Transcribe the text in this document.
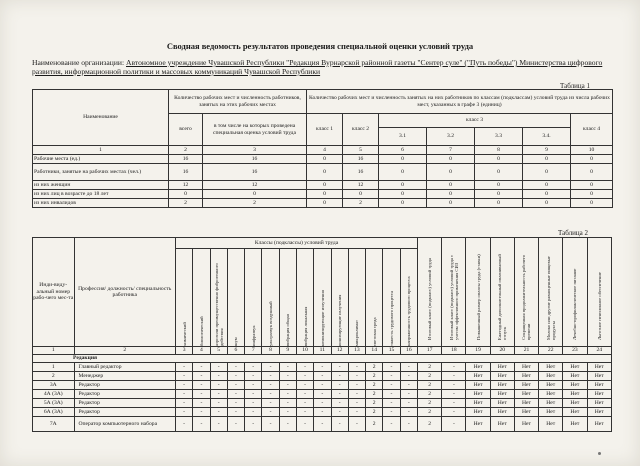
Сводная ведомость результатов проведения специальной оценки условий труда
Наименование организации: Автономное учреждение Чувашской Республики "Редакция Вурнарской районной газеты "Сентер суле" ("Путь победы") Министерства цифрового развития, информационной политики и массовых коммуникаций Чувашской Республики
Таблица 1
Наименование	Количество рабочих мест и численность работников, занятых на этих рабочих местах		Количество рабочих мест и численность занятых на них работников по классам (подклассам) условий труда из числа рабочих мест, указанных в графе 3 (единиц)						
	всего	в том числе на которых проведена специальная оценка условий труда	класс 1	класс 2	класс 3				класс 4
					3.1	3.2	3.3	3.4.	
1	2	3	4	5	6	7	8	9	10
Рабочие места (ед.)	16	16	0	16	0	0	0	0	0
Работники, занятые на рабочих местах (чел.)	16	16	0	16	0	0	0	0	0
из них женщин	12	12	0	12	0	0	0	0	0
из них лиц в возрасте до 18 лет	0	0	0	0	0	0	0	0	0
из них инвалидов	2	2	0	2	0	0	0	0	0
Таблица 2
Инди-виду-альный номер рабо-чего мес-та	Профессия/ должность/ специальность работника	Классы (подклассы) условий труда														Итоговый класс (подкласс) условий труда	Итоговый класс (подкласс) условий труда с учетом эффективного применения СИЗ	Повышенный размер оплаты труда (ставки)	Ежегодный дополнительный оплачиваемый отпуск	Сокращенная продолжительность рабочего времени	Молоко или другие равноценные пищевые продукты	Лечебно-профилактическое питание	Льготное пенсионное обеспечение

		химический	биологический	аэрозоли преимущественно фиброгенного действия	шум	инфразвук	ультразвук воздушный	вибрация общая	вибрация локальная	неионизирующие излучения	ионизирующие излучения	микроклимат	световая среда	тяжесть трудового процесса	напряженность трудового процесса								

1	2	3	4	5	6	7	8	9	10	11	12	13	14	15	16	17	18	19	20	21	22	23	24
Редакция																							
1	Главный редактор	-	-	-	-	-	-	-	-	-	-	-	2	-	-	2	-	Нет	Нет	Нет	Нет	Нет	Нет
2	Менеджер	-	-	-	-	-	-	-	-	-	-	-	2	-	-	2	-	Нет	Нет	Нет	Нет	Нет	Нет
3А	Редактор	-	-	-	-	-	-	-	-	-	-	-	2	-	-	2	-	Нет	Нет	Нет	Нет	Нет	Нет
4А (3А)	Редактор	-	-	-	-	-	-	-	-	-	-	-	2	-	-	2	-	Нет	Нет	Нет	Нет	Нет	Нет
5А (3А)	Редактор	-	-	-	-	-	-	-	-	-	-	-	2	-	-	2	-	Нет	Нет	Нет	Нет	Нет	Нет
6А (3А)	Редактор	-	-	-	-	-	-	-	-	-	-	-	2	-	-	2	-	Нет	Нет	Нет	Нет	Нет	Нет
7А	Оператор компьютерного набора	-	-	-	-	-	-	-	-	-	-	-	2	-	-	2	-	Нет	Нет	Нет	Нет	Нет	Нет
